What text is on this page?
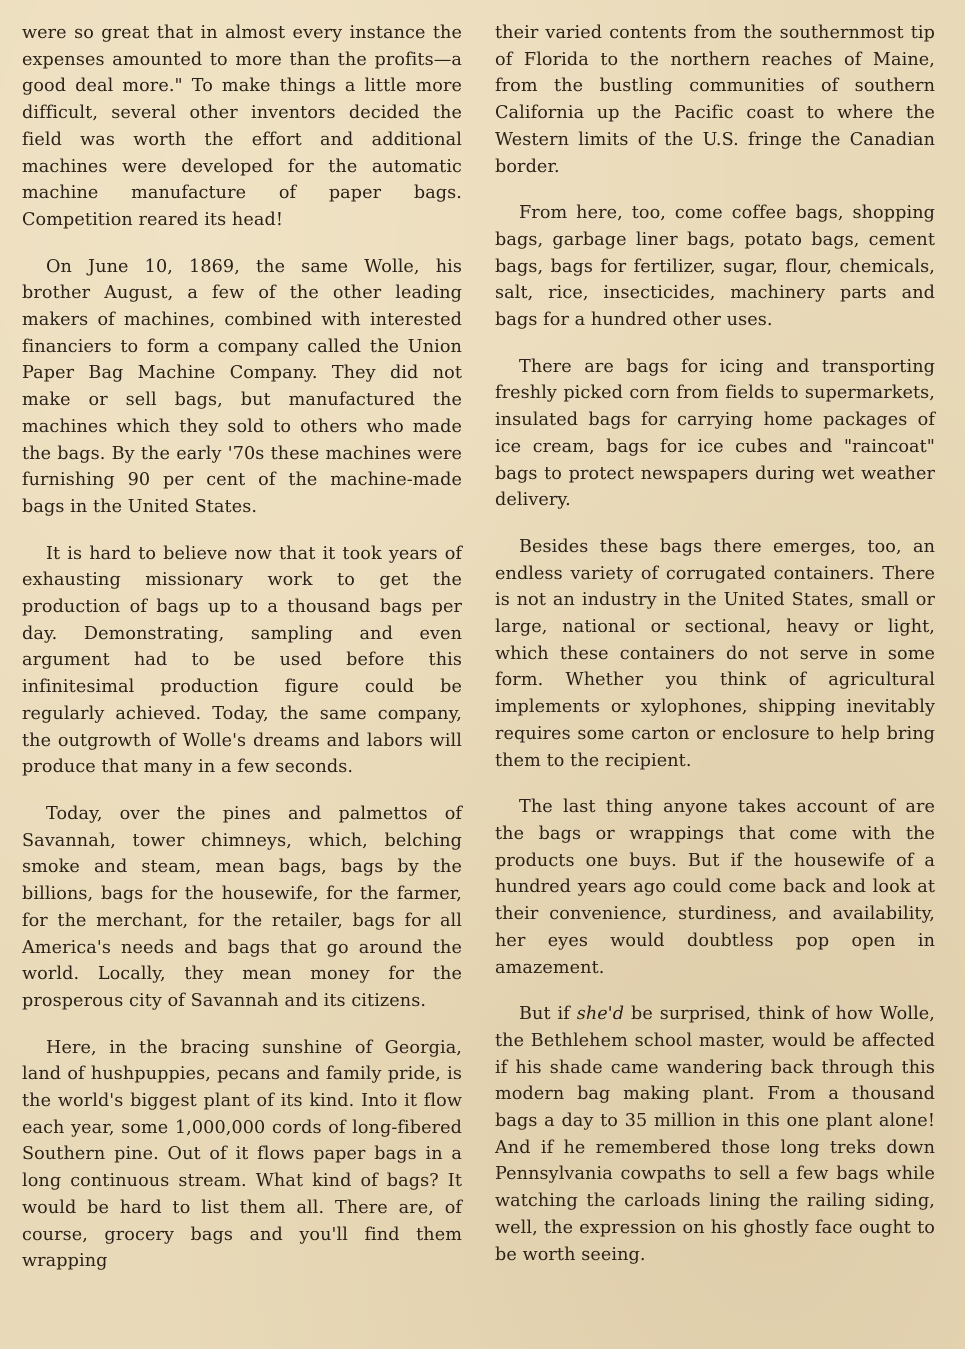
were so great that in almost every instance the expenses amounted to more than the profits—a good deal more." To make things a little more difficult, several other inventors decided the field was worth the effort and additional machines were developed for the automatic machine manufacture of paper bags. Competition reared its head!

On June 10, 1869, the same Wolle, his brother August, a few of the other leading makers of machines, combined with interested financiers to form a company called the Union Paper Bag Machine Company. They did not make or sell bags, but manufactured the machines which they sold to others who made the bags. By the early '70s these machines were furnishing 90 per cent of the machine-made bags in the United States.

It is hard to believe now that it took years of exhausting missionary work to get the production of bags up to a thousand bags per day. Demonstrating, sampling and even argument had to be used before this infinitesimal production figure could be regularly achieved. Today, the same company, the outgrowth of Wolle's dreams and labors will produce that many in a few seconds.

Today, over the pines and palmettos of Savannah, tower chimneys, which, belching smoke and steam, mean bags, bags by the billions, bags for the housewife, for the farmer, for the merchant, for the retailer, bags for all America's needs and bags that go around the world. Locally, they mean money for the prosperous city of Savannah and its citizens.

Here, in the bracing sunshine of Georgia, land of hushpuppies, pecans and family pride, is the world's biggest plant of its kind. Into it flow each year, some 1,000,000 cords of long-fibered Southern pine. Out of it flows paper bags in a long continuous stream. What kind of bags? It would be hard to list them all. There are, of course, grocery bags and you'll find them wrapping

their varied contents from the southernmost tip of Florida to the northern reaches of Maine, from the bustling communities of southern California up the Pacific coast to where the Western limits of the U.S. fringe the Canadian border.

From here, too, come coffee bags, shopping bags, garbage liner bags, potato bags, cement bags, bags for fertilizer, sugar, flour, chemicals, salt, rice, insecticides, machinery parts and bags for a hundred other uses.

There are bags for icing and transporting freshly picked corn from fields to supermarkets, insulated bags for carrying home packages of ice cream, bags for ice cubes and "raincoat" bags to protect newspapers during wet weather delivery.

Besides these bags there emerges, too, an endless variety of corrugated containers. There is not an industry in the United States, small or large, national or sectional, heavy or light, which these containers do not serve in some form. Whether you think of agricultural implements or xylophones, shipping inevitably requires some carton or enclosure to help bring them to the recipient.

The last thing anyone takes account of are the bags or wrappings that come with the products one buys. But if the housewife of a hundred years ago could come back and look at their convenience, sturdiness, and availability, her eyes would doubtless pop open in amazement.

But if she'd be surprised, think of how Wolle, the Bethlehem school master, would be affected if his shade came wandering back through this modern bag making plant. From a thousand bags a day to 35 million in this one plant alone! And if he remembered those long treks down Pennsylvania cowpaths to sell a few bags while watching the carloads lining the railing siding, well, the expression on his ghostly face ought to be worth seeing.
